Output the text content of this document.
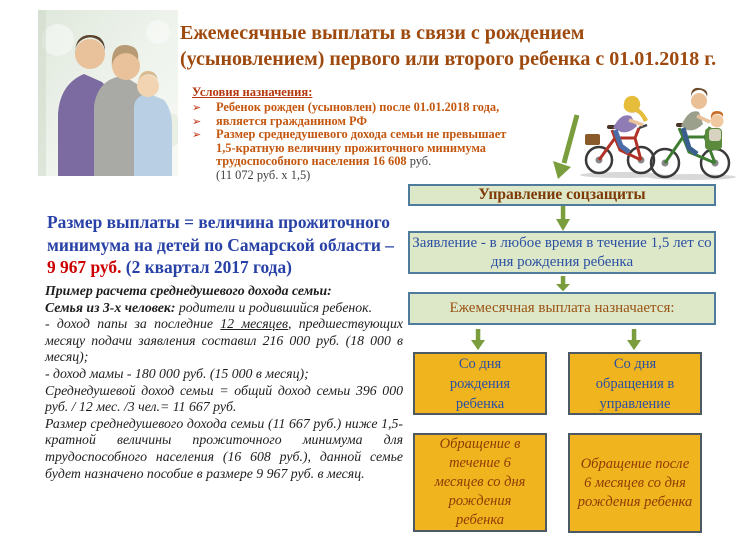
Ежемесячные выплаты в связи с рождением
(усыновлением) первого или второго ребенка с 01.01.2018 г.

Условия назначения:

➢	Ребенок рожден (усыновлен) после 01.01.2018 года,
➢	является гражданином РФ
➢	Размер среднедушевого дохода семьи не превышает 1,5-кратную величину прожиточного минимума трудоспособного населения 16 608 руб.

(11 072 руб. х 1,5)

Размер выплаты = величина прожиточного минимума на детей по Самарской области – 9 967 руб. (2 квартал 2017 года)

Пример расчета среднедушевого дохода семьи:

Семья из 3-х человек: родители и родившийся ребенок.

- доход папы за последние 12 месяцев, предшествующих месяцу подачи заявления составил 216 000 руб. (18 000 в месяц);

- доход мамы - 180 000 руб. (15 000 в месяц);

Среднедушевой доход семьи = общий доход семьи 396 000 руб. / 12 мес. /3 чел.= 11 667 руб.

Размер среднедушевого дохода семьи (11 667 руб.) ниже 1,5-кратной величины прожиточного минимума для трудоспособного населения (16 608 руб.), данной семье будет назначено пособие в размере 9 967 руб. в месяц.

Управление соцзащиты
Заявление - в любое время в течение 1,5 лет со дня рождения ребенка
Ежемесячная выплата назначается:
Со дня рождения ребенка
Со дня обращения в управление
Обращение в течение 6 месяцев со дня рождения ребенка
Обращение после 6 месяцев со дня рождения ребенка
